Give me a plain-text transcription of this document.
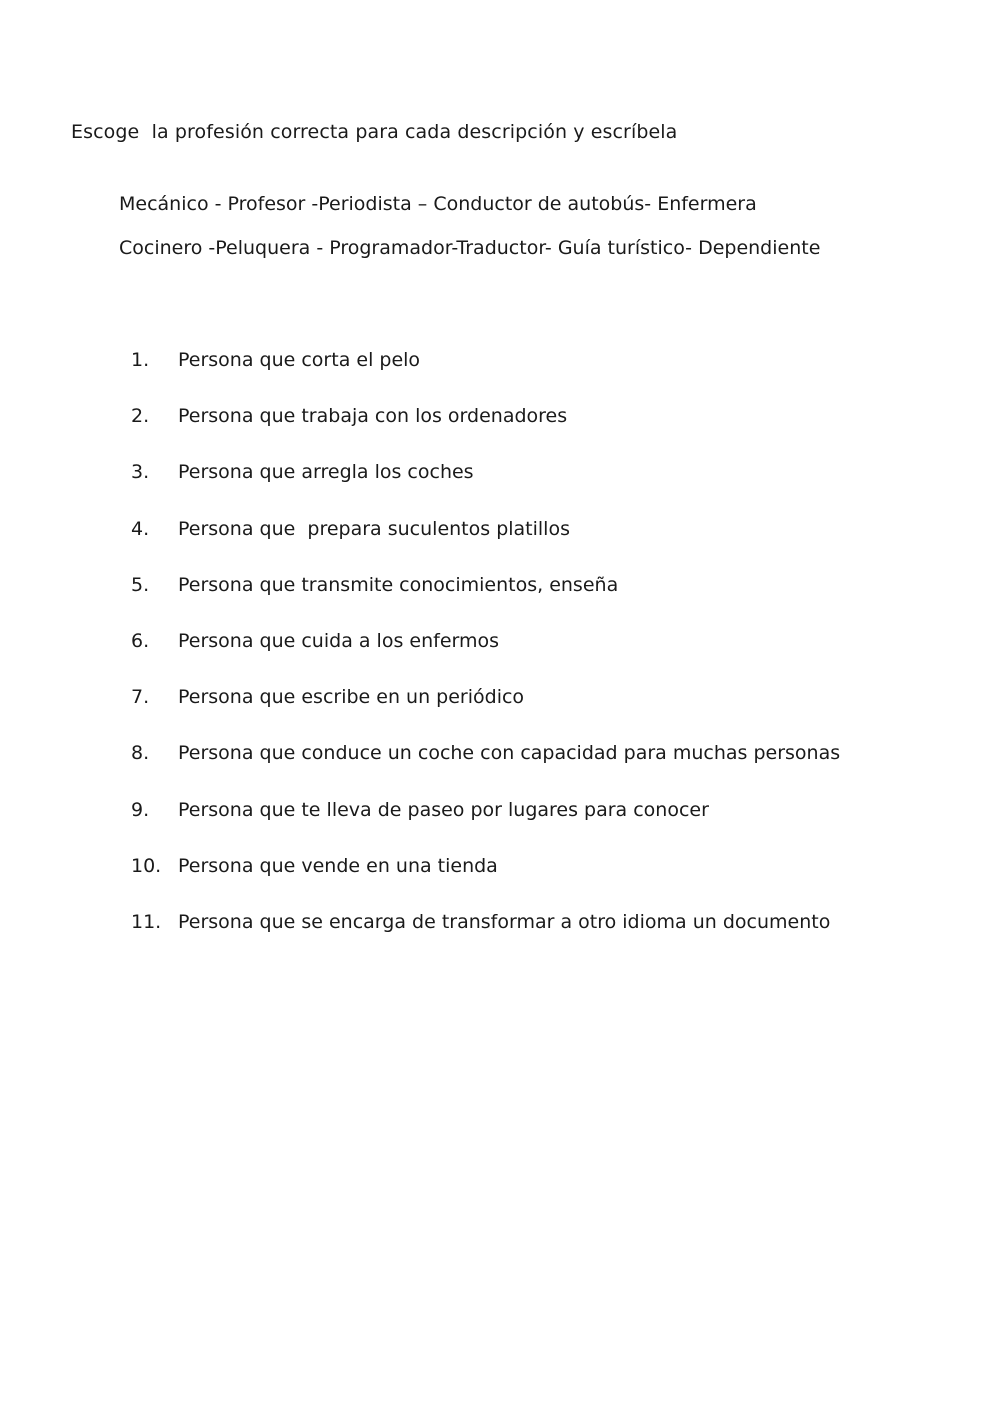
Escoge  la profesión correcta para cada descripción y escríbela
Mecánico - Profesor -Periodista – Conductor de autobús- Enfermera
Cocinero -Peluquera - Programador-Traductor- Guía turístico- Dependiente
1.	Persona que corta el pelo
2.	Persona que trabaja con los ordenadores
3.	Persona que arregla los coches
4.	Persona que  prepara suculentos platillos
5.	Persona que transmite conocimientos, enseña
6.	Persona que cuida a los enfermos
7.	Persona que escribe en un periódico
8.	Persona que conduce un coche con capacidad para muchas personas
9.	Persona que te lleva de paseo por lugares para conocer
10. Persona que vende en una tienda
11. Persona que se encarga de transformar a otro idioma un documento
